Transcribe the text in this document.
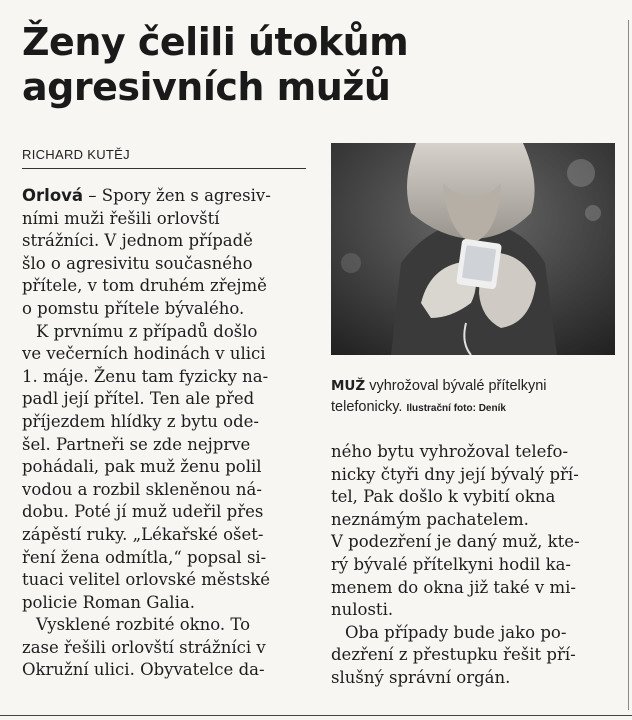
Ženy čelili útokům
agresivních mužů
RICHARD KUTĚJ
Orlová – Spory žen s agresiv-
ními muži řešili orlovští
strážníci. V jednom případě
šlo o agresivitu současného
přítele, v tom druhém zřejmě
o pomstu přítele bývalého.
K prvnímu z případů došlo
ve večerních hodinách v ulici
1. máje. Ženu tam fyzicky na-
padl její přítel. Ten ale před
příjezdem hlídky z bytu ode-
šel. Partneři se zde nejprve
pohádali, pak muž ženu polil
vodou a rozbil skleněnou ná-
dobu. Poté jí muž udeřil přes
zápěstí ruky. „Lékařské ošet-
ření žena odmítla,“ popsal si-
tuaci velitel orlovské městské
policie Roman Galia.
Vysklené rozbité okno. To
zase řešili orlovští strážníci v
Okružní ulici. Obyvatelce da-
MUŽ vyhrožoval bývalé přítelkyni
telefonicky. Ilustrační foto: Deník
ného bytu vyhrožoval telefo-
nicky čtyři dny její bývalý pří-
tel, Pak došlo k vybití okna
neznámým pachatelem.
V podezření je daný muž, kte-
rý bývalé přítelkyni hodil ka-
menem do okna již také v mi-
nulosti.
Oba případy bude jako po-
dezření z přestupku řešit pří-
slušný správní orgán.
